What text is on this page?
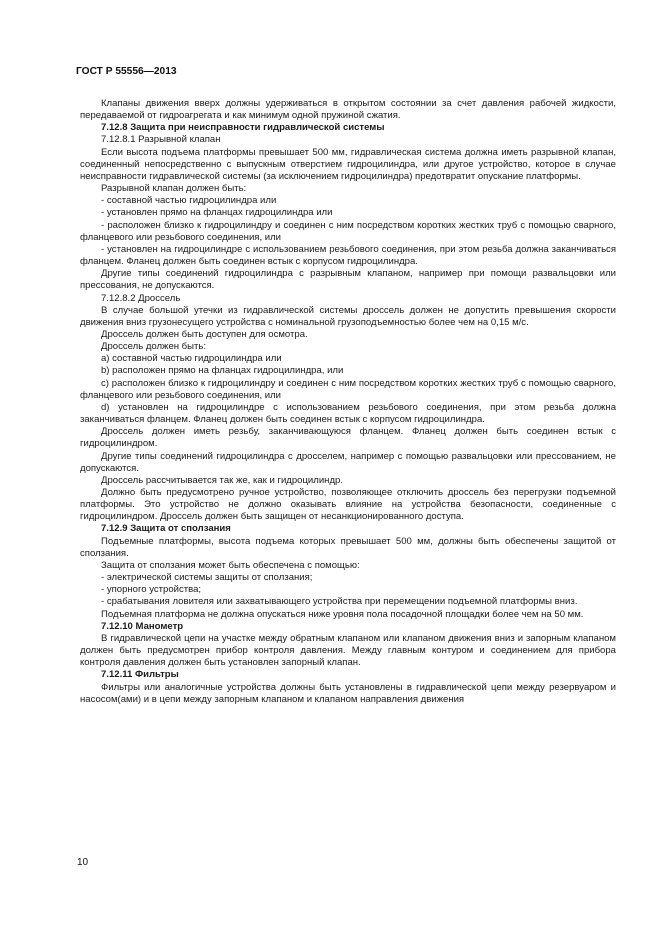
ГОСТ Р 55556—2013

Клапаны движения вверх должны удерживаться в открытом состоянии за счет давления рабочей жидкости, передаваемой от гидроагрегата и как минимум одной пружиной сжатия.

7.12.8 Защита при неисправности гидравлической системы

7.12.8.1 Разрывной клапан

Если высота подъема платформы превышает 500 мм, гидравлическая система должна иметь разрывной клапан, соединенный непосредственно с выпускным отверстием гидроцилиндра, или другое устройство, которое в случае неисправности гидравлической системы (за исключением гидроцилиндра) предотвратит опускание платформы.

Разрывной клапан должен быть:

- составной частью гидроцилиндра или

- установлен прямо на фланцах гидроцилиндра или

- расположен близко к гидроцилиндру и соединен с ним посредством коротких жестких труб с помощью сварного, фланцевого или резьбового соединения, или

- установлен на гидроцилиндре с использованием резьбового соединения, при этом резьба должна заканчиваться фланцем. Фланец должен быть соединен встык с корпусом гидроцилиндра.

Другие типы соединений гидроцилиндра с разрывным клапаном, например при помощи развальцовки или прессования, не допускаются.

7.12.8.2 Дроссель

В случае большой утечки из гидравлической системы дроссель должен не допустить превышения скорости движения вниз грузонесущего устройства с номинальной грузоподъемностью более чем на 0,15 м/с.

Дроссель должен быть доступен для осмотра.

Дроссель должен быть:

a) составной частью гидроцилиндра или

b) расположен прямо на фланцах гидроцилиндра, или

c) расположен близко к гидроцилиндру и соединен с ним посредством коротких жестких труб с помощью сварного, фланцевого или резьбового соединения, или

d) установлен на гидроцилиндре с использованием резьбового соединения, при этом резьба должна заканчиваться фланцем. Фланец должен быть соединен встык с корпусом гидроцилиндра.

Дроссель должен иметь резьбу, заканчивающуюся фланцем. Фланец должен быть соединен встык с гидроцилиндром.

Другие типы соединений гидроцилиндра с дросселем, например с помощью развальцовки или прессованием, не допускаются.

Дроссель рассчитывается так же, как и гидроцилиндр.

Должно быть предусмотрено ручное устройство, позволяющее отключить дроссель без перегрузки подъемной платформы. Это устройство не должно оказывать влияние на устройства безопасности, соединенные с гидроцилиндром. Дроссель должен быть защищен от несанкционированного доступа.

7.12.9 Защита от сползания

Подъемные платформы, высота подъема которых превышает 500 мм, должны быть обеспечены защитой от сползания.

Защита от сползания может быть обеспечена с помощью:

- электрической системы защиты от сползания;

- упорного устройства;

- срабатывания ловителя или захватывающего устройства при перемещении подъемной платформы вниз.

Подъемная платформа не должна опускаться ниже уровня пола посадочной площадки более чем на 50 мм.

7.12.10 Манометр

В гидравлической цепи на участке между обратным клапаном или клапаном движения вниз и запорным клапаном должен быть предусмотрен прибор контроля давления. Между главным контуром и соединением для прибора контроля давления должен быть установлен запорный клапан.

7.12.11 Фильтры

Фильтры или аналогичные устройства должны быть установлены в гидравлической цепи между резервуаром и насосом(ами) и в цепи между запорным клапаном и клапаном направления движения

10
